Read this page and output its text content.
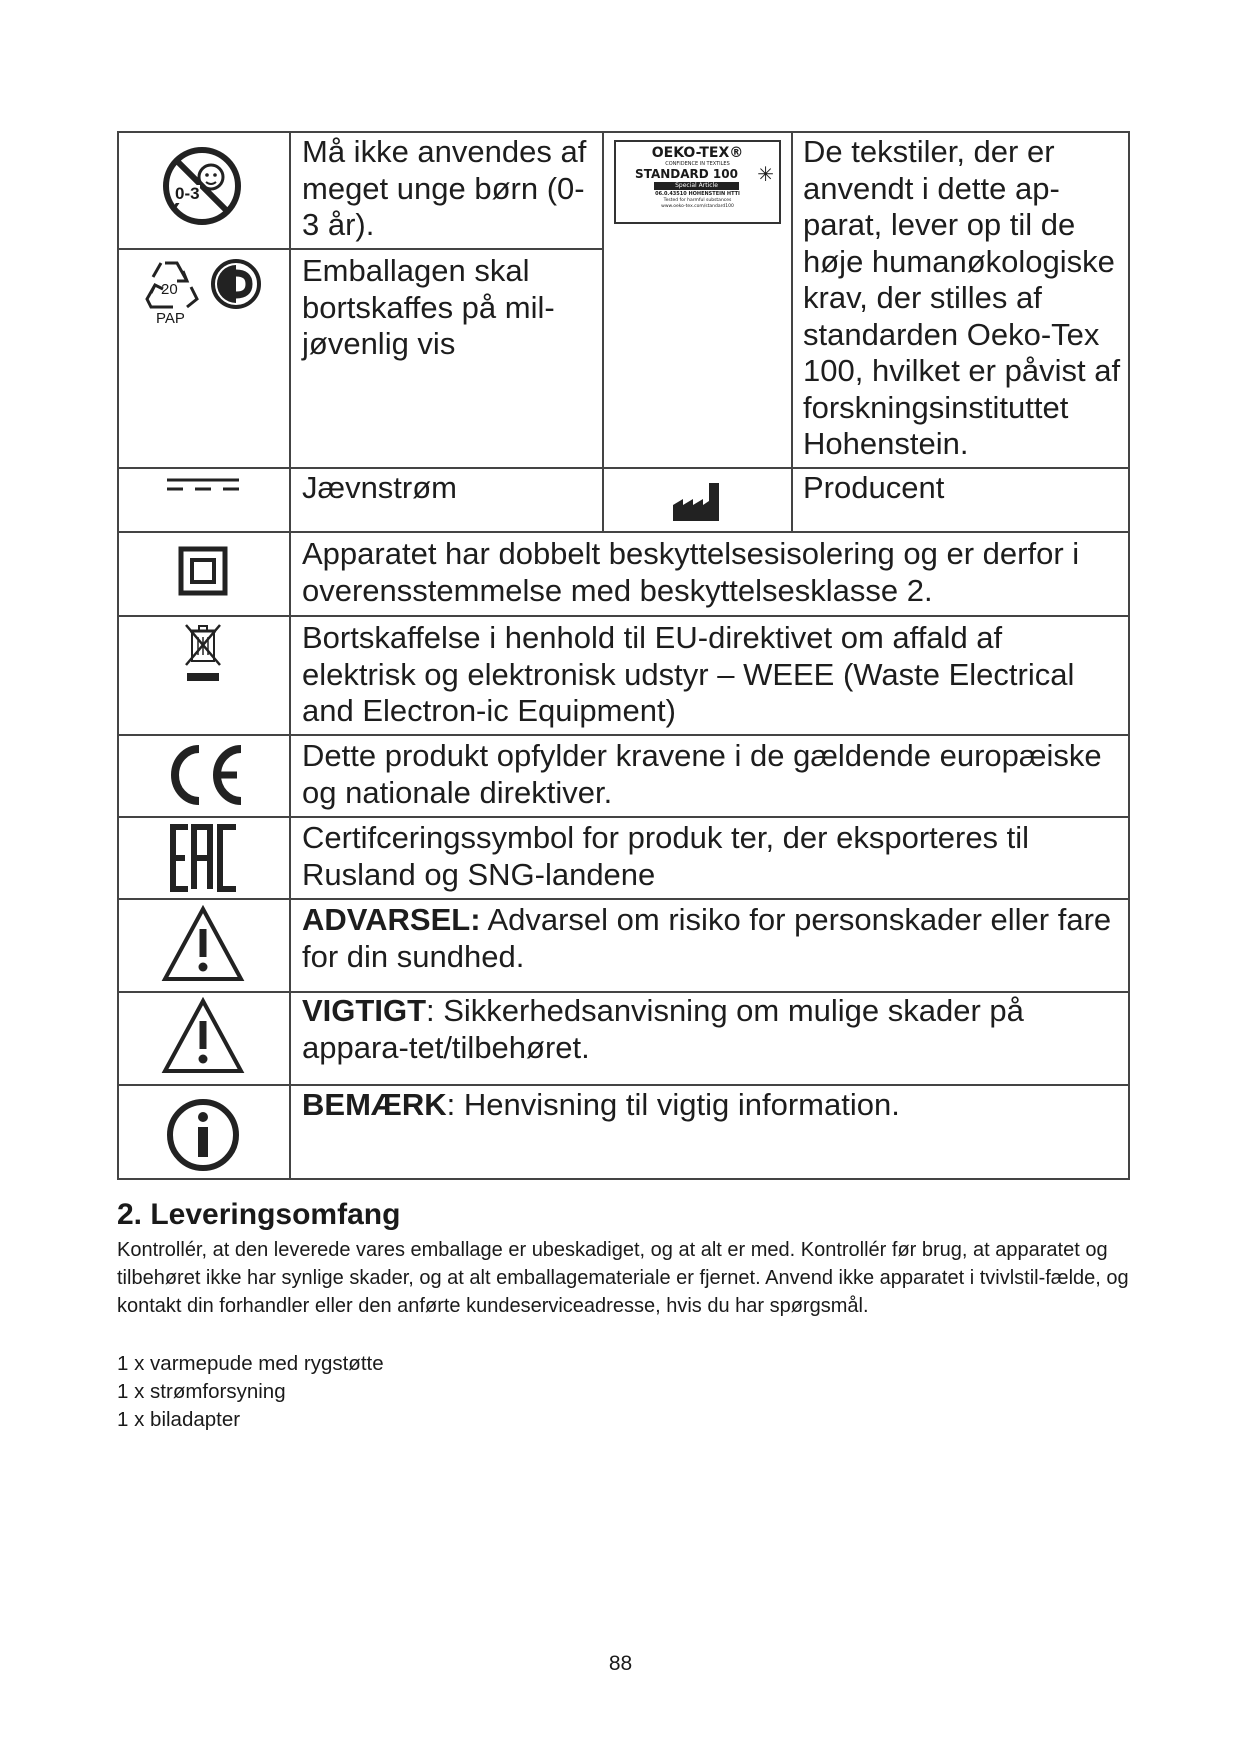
0-3
Må ikke anvendes af meget unge børn (0-3 år).
OEKO-TEX®
CONFIDENCE IN TEXTILES
STANDARD 100
Special Article
06.0.43510 HOHENSTEIN HTTI
Tested for harmful substances
www.oeko-tex.com/standard100
✳
De tekstiler, der er anvendt i dette ap-parat, lever op til de høje humanøkologiske krav, der stilles af standarden Oeko-Tex 100, hvilket er påvist af forskningsinstituttet Hohenstein.
20
PAP
Emballagen skal bortskaffes på mil-jøvenlig vis
Jævnstrøm	Producent
Apparatet har dobbelt beskyttelsesisolering og er derfor i overensstemmelse med beskyttelsesklasse 2.
Bortskaffelse i henhold til EU-direktivet om affald af elektrisk og elektronisk udstyr – WEEE (Waste Electrical and Electron-ic Equipment)
Dette produkt opfylder kravene i de gældende europæiske og nationale direktiver.
Certifceringssymbol for produk ter, der eksporteres til Rusland og SNG-landene
ADVARSEL: Advarsel om risiko for personskader eller fare for din sundhed.
VIGTIGT: Sikkerhedsanvisning om mulige skader på appara-tet/tilbehøret.
BEMÆRK: Henvisning til vigtig information.
2. Leveringsomfang
Kontrollér, at den leverede vares emballage er ubeskadiget, og at alt er med. Kontrollér før brug, at apparatet og tilbehøret ikke har synlige skader, og at alt emballagemateriale er fjernet. Anvend ikke apparatet i tvivlstil-fælde, og kontakt din forhandler eller den anførte kundeserviceadresse, hvis du har spørgsmål.
1 x varmepude med rygstøtte
1 x strømforsyning
1 x biladapter
88
